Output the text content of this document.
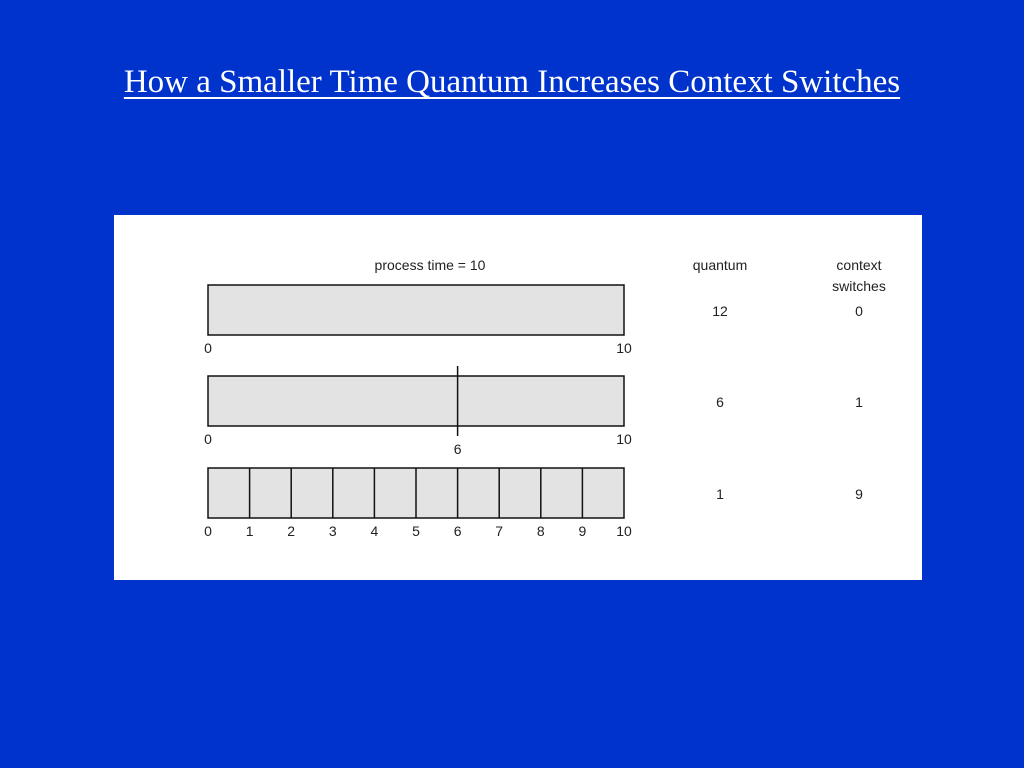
How a Smaller Time Quantum Increases Context Switches
process time = 10	quantum	context
switches
0	10
12	0
0
6
10
6	1
0 1 2 3 4 5 6 7 8 9 10
1	9
